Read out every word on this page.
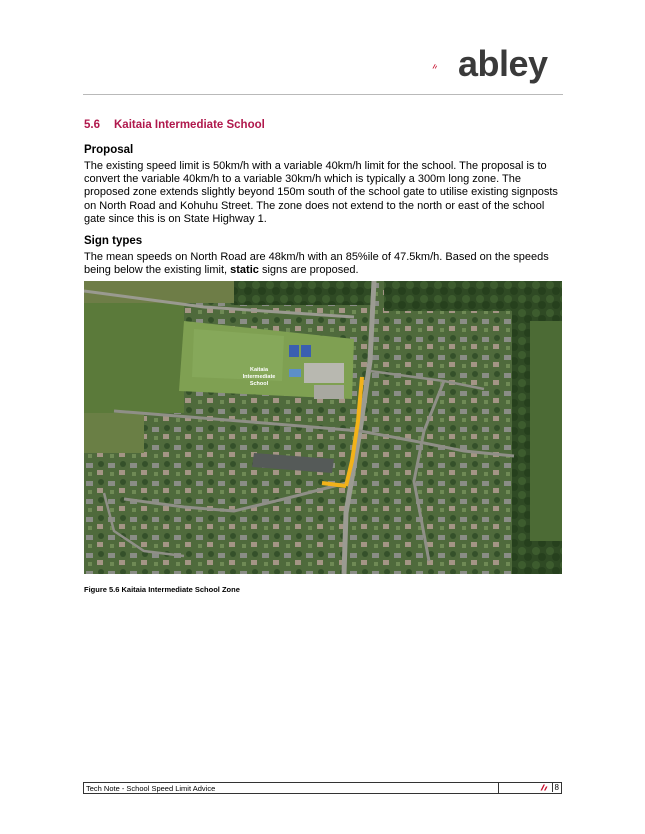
abley
5.6 Kaitaia Intermediate School
Proposal
The existing speed limit is 50km/h with a variable 40km/h limit for the school. The proposal is to convert the variable 40km/h to a variable 30km/h which is typically a 300m long zone. The proposed zone extends slightly beyond 150m south of the school gate to utilise existing signposts on North Road and Kohuhu Street. The zone does not extend to the north or east of the school gate since this is on State Highway 1.
Sign types
The mean speeds on North Road are 48km/h with an 85%ile of 47.5km/h. Based on the speeds being below the existing limit, static signs are proposed.
Kaitaia
Intermediate
School
Figure 5.6 Kaitaia Intermediate School Zone
Tech Note - School Speed Limit Advice	8
